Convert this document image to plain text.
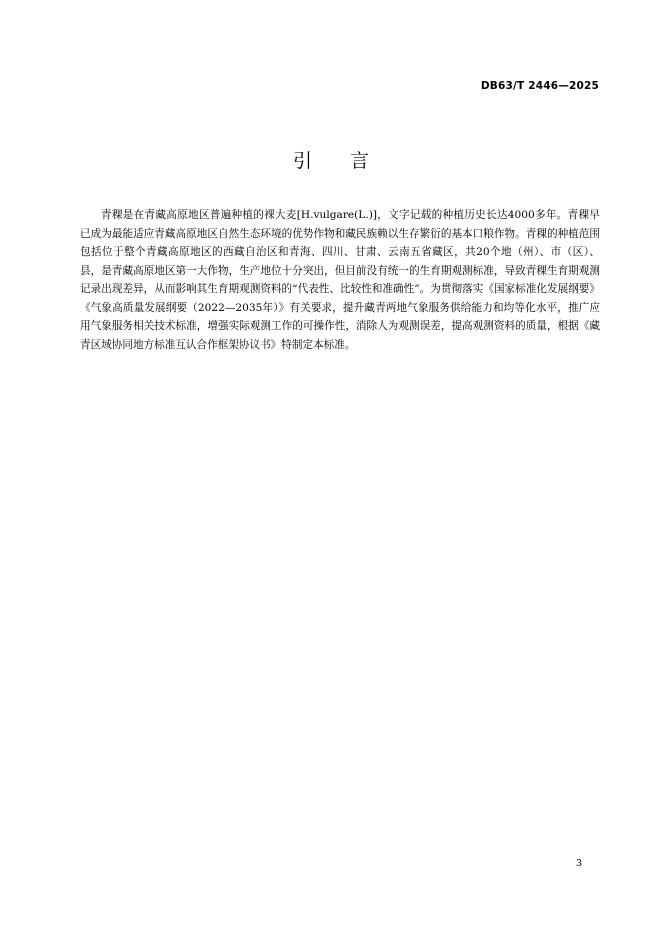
DB63/T 2446—2025
引 言

青稞是在青藏高原地区普遍种植的裸大麦[H.vulgare(L.)]，文字记载的种植历史长达4000多年。青稞早已成为最能适应青藏高原地区自然生态环境的优势作物和藏民族赖以生存繁衍的基本口粮作物。青稞的种植范围包括位于整个青藏高原地区的西藏自治区和青海、四川、甘肃、云南五省藏区，共20个地（州）、市（区）、县，是青藏高原地区第一大作物，生产地位十分突出，但目前没有统一的生育期观测标准，导致青稞生育期观测记录出现差异，从而影响其生育期观测资料的“代表性、比较性和准确性”。为贯彻落实《国家标准化发展纲要》《气象高质量发展纲要（2022—2035年）》有关要求，提升藏青两地气象服务供给能力和均等化水平，推广应用气象服务相关技术标准，增强实际观测工作的可操作性，消除人为观测误差，提高观测资料的质量，根据《藏青区域协同地方标准互认合作框架协议书》特制定本标准。

3
